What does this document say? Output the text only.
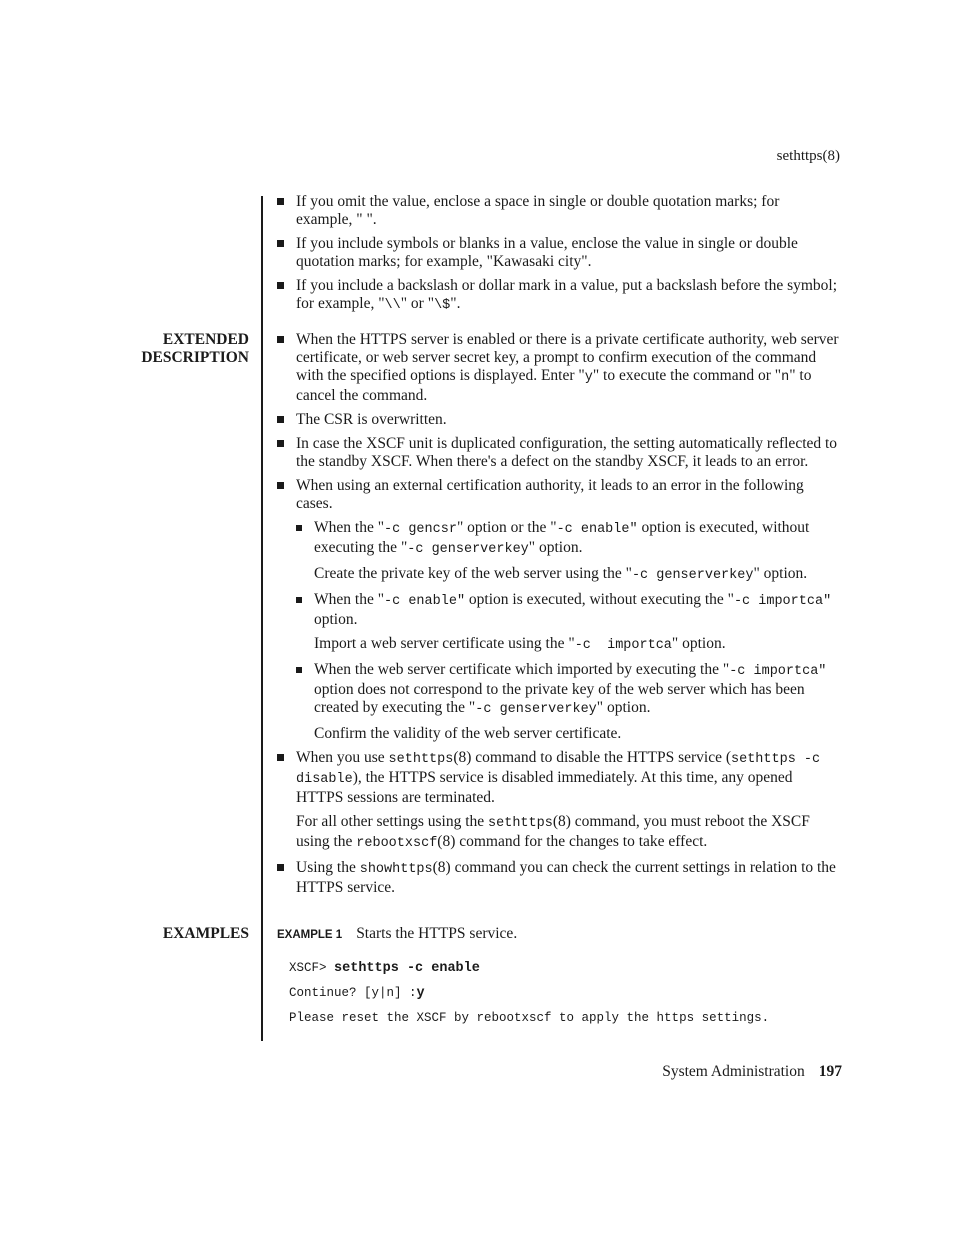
sethttps(8)
If you omit the value, enclose a space in single or double quotation marks; for example, " ".
If you include symbols or blanks in a value, enclose the value in single or double quotation marks; for example, "Kawasaki city".
If you include a backslash or dollar mark in a value, put a backslash before the symbol; for example, "\\" or "\$".
EXTENDED
DESCRIPTION
When the HTTPS server is enabled or there is a private certificate authority, web server certificate, or web server secret key, a prompt to confirm execution of the command with the specified options is displayed. Enter "y" to execute the command or "n" to cancel the command.
The CSR is overwritten.
In case the XSCF unit is duplicated configuration, the setting automatically reflected to the standby XSCF. When there's a defect on the standby XSCF, it leads to an error.
When using an external certification authority, it leads to an error in the following cases.
When the "-c gencsr" option or the "-c enable" option is executed, without executing the "-c genserverkey" option.
Create the private key of the web server using the "-c genserverkey" option.
When the "-c enable" option is executed, without executing the "-c importca" option.
Import a web server certificate using the "-c  importca" option.
When the web server certificate which imported by executing the "-c importca" option does not correspond to the private key of the web server which has been created by executing the "-c genserverkey" option.
Confirm the validity of the web server certificate.
When you use sethttps(8) command to disable the HTTPS service (sethttps -c disable), the HTTPS service is disabled immediately. At this time, any opened HTTPS sessions are terminated.
For all other settings using the sethttps(8) command, you must reboot the XSCF using the rebootxscf(8) command for the changes to take effect.
Using the showhttps(8) command you can check the current settings in relation to the HTTPS service.
EXAMPLES EXAMPLE 1 Starts the HTTPS service.
XSCF> sethttps -c enable
Continue? [y|n] :y
Please reset the XSCF by rebootxscf to apply the https settings.
System Administration 197
